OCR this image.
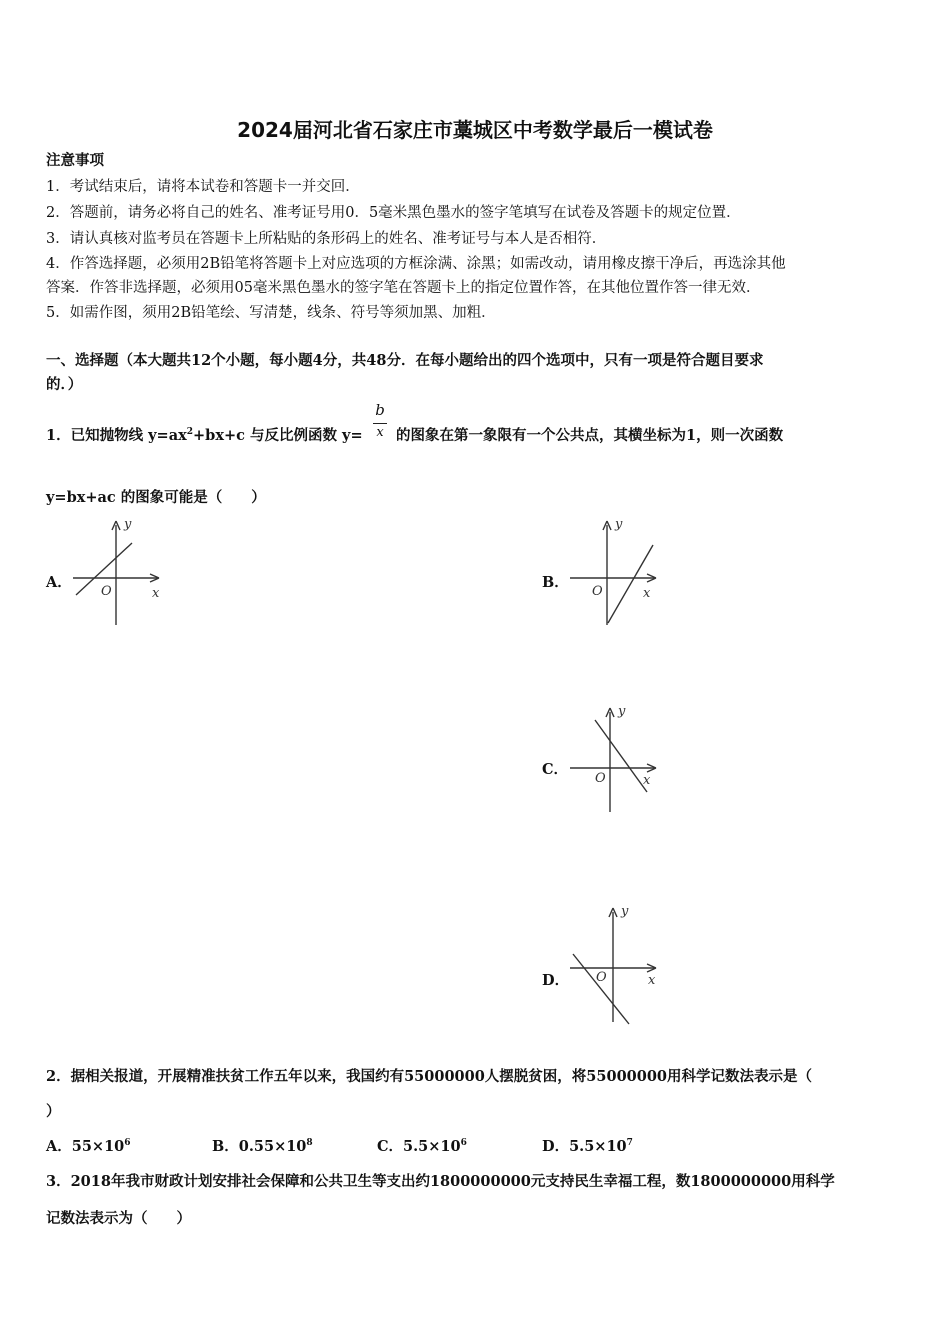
2024届河北省石家庄市藁城区中考数学最后一模试卷
注意事项
1．考试结束后，请将本试卷和答题卡一并交回．
2．答题前，请务必将自己的姓名、准考证号用0．5毫米黑色墨水的签字笔填写在试卷及答题卡的规定位置．
3．请认真核对监考员在答题卡上所粘贴的条形码上的姓名、准考证号与本人是否相符．
4．作答选择题，必须用2B铅笔将答题卡上对应选项的方框涂满、涂黑；如需改动，请用橡皮擦干净后，再选涂其他
答案．作答非选择题，必须用05毫米黑色墨水的签字笔在答题卡上的指定位置作答，在其他位置作答一律无效．
5．如需作图，须用2B铅笔绘、写清楚，线条、符号等须加黑、加粗．
一、选择题（本大题共12个小题，每小题4分，共48分．在每小题给出的四个选项中，只有一项是符合题目要求
的．）
1．已知抛物线 $y=ax^2+bx+c$ 与反比例函数 y=
b
x 的图象在第一象限有一个公共点，其横坐标为1，则一次函数
y=bx+ac 的图象可能是（　　）
A．
y
x
O
B．
y
x
O
C．
y
x
O
D．
y
x
O
2．据相关报道，开展精准扶贫工作五年以来，我国约有55000000人摆脱贫困，将55000000用科学记数法表示是（
）
A．$55\times 10^6$	B．$0.55\times 10^8$	C．$5.5\times 10^6$	D．$5.5\times 10^7$
3．2018年我市财政计划安排社会保障和公共卫生等支出约1800000000元支持民生幸福工程，数1800000000用科学
记数法表示为（　　）
